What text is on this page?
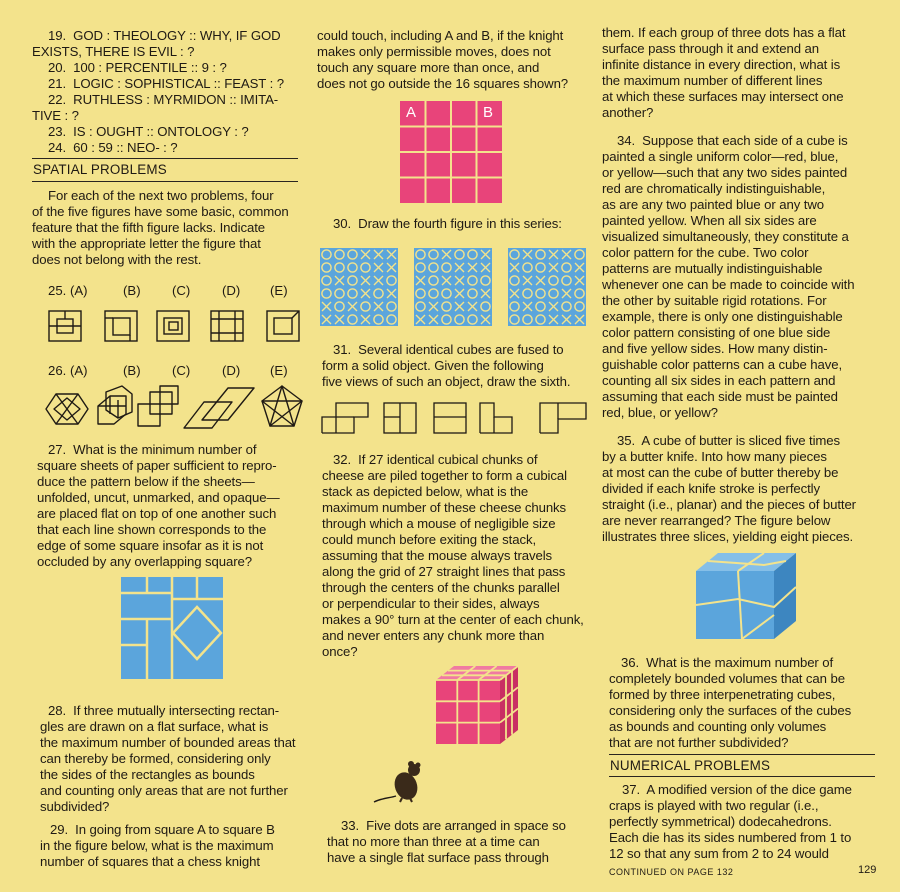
19.  GOD : THEOLOGY :: WHY, IF GOD
EXISTS, THERE IS EVIL : ?
20.  100 : PERCENTILE :: 9 : ?
21.  LOGIC : SOPHISTICAL :: FEAST : ?
22.  RUTHLESS : MYRMIDON :: IMITA-
TIVE : ?
23.  IS : OUGHT :: ONTOLOGY : ?
24.  60 : 59 :: NEO- : ?
SPATIAL PROBLEMS
For each of the next two problems, four
of the five figures have some basic, common
feature that the fifth figure lacks. Indicate
with the appropriate letter the figure that
does not belong with the rest.
25. (A)	(B) (C) (D) (E)
26. (A)	(B) (C) (D) (E)
27.  What is the minimum number of
square sheets of paper sufficient to repro-
duce the pattern below if the sheets—
unfolded, uncut, unmarked, and opaque—
are placed flat on top of one another such
that each line shown corresponds to the
edge of some square insofar as it is not
occluded by any overlapping square?
28.  If three mutually intersecting rectan-
gles are drawn on a flat surface, what is
the maximum number of bounded areas that
can thereby be formed, considering only
the sides of the rectangles as bounds
and counting only areas that are not further
subdivided?
29.  In going from square A to square B
in the figure below, what is the maximum
number of squares that a chess knight
could touch, including A and B, if the knight
makes only permissible moves, does not
touch any square more than once, and
does not go outside the 16 squares shown?
A	B
30.  Draw the fourth figure in this series:
31.  Several identical cubes are fused to
form a solid object. Given the following
five views of such an object, draw the sixth.
32.  If 27 identical cubical chunks of
cheese are piled together to form a cubical
stack as depicted below, what is the
maximum number of these cheese chunks
through which a mouse of negligible size
could munch before exiting the stack,
assuming that the mouse always travels
along the grid of 27 straight lines that pass
through the centers of the chunks parallel
or perpendicular to their sides, always
makes a 90° turn at the center of each chunk,
and never enters any chunk more than
once?
33.  Five dots are arranged in space so
that no more than three at a time can
have a single flat surface pass through
them. If each group of three dots has a flat
surface pass through it and extend an
infinite distance in every direction, what is
the maximum number of different lines
at which these surfaces may intersect one
another?
34.  Suppose that each side of a cube is
painted a single uniform color—red, blue,
or yellow—such that any two sides painted
red are chromatically indistinguishable,
as are any two painted blue or any two
painted yellow. When all six sides are
visualized simultaneously, they constitute a
color pattern for the cube. Two color
patterns are mutually indistinguishable
whenever one can be made to coincide with
the other by suitable rigid rotations. For
example, there is only one distinguishable
color pattern consisting of one blue side
and five yellow sides. How many distin-
guishable color patterns can a cube have,
counting all six sides in each pattern and
assuming that each side must be painted
red, blue, or yellow?
35.  A cube of butter is sliced five times
by a butter knife. Into how many pieces
at most can the cube of butter thereby be
divided if each knife stroke is perfectly
straight (i.e., planar) and the pieces of butter
are never rearranged? The figure below
illustrates three slices, yielding eight pieces.
36.  What is the maximum number of
completely bounded volumes that can be
formed by three interpenetrating cubes,
considering only the surfaces of the cubes
as bounds and counting only volumes
that are not further subdivided?
NUMERICAL PROBLEMS
37.  A modified version of the dice game
craps is played with two regular (i.e.,
perfectly symmetrical) dodecahedrons.
Each die has its sides numbered from 1 to
12 so that any sum from 2 to 24 would
CONTINUED ON PAGE 132	129
